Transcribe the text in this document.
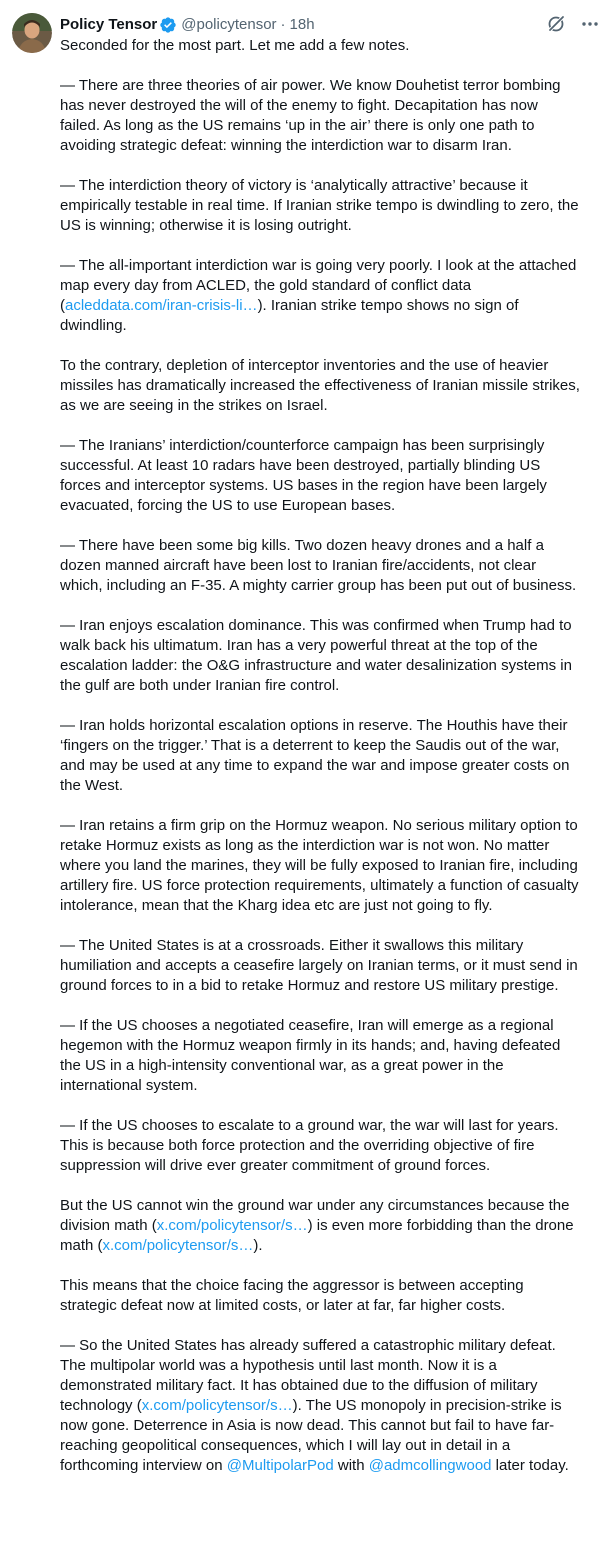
Policy Tensor @policytensor · 18h

Seconded for the most part. Let me add a few notes.

— There are three theories of air power. We know Douhetist terror bombing has never destroyed the will of the enemy to fight. Decapitation has now failed. As long as the US remains ‘up in the air’ there is only one path to avoiding strategic defeat: winning the interdiction war to disarm Iran.

— The interdiction theory of victory is ‘analytically attractive’ because it empirically testable in real time. If Iranian strike tempo is dwindling to zero, the US is winning; otherwise it is losing outright.

— The all-important interdiction war is going very poorly. I look at the attached map every day from ACLED, the gold standard of conflict data (acleddata.com/iran-crisis-li…). Iranian strike tempo shows no sign of dwindling.

To the contrary, depletion of interceptor inventories and the use of heavier missiles has dramatically increased the effectiveness of Iranian missile strikes, as we are seeing in the strikes on Israel.

— The Iranians’ interdiction/counterforce campaign has been surprisingly successful. At least 10 radars have been destroyed, partially blinding US forces and interceptor systems. US bases in the region have been largely evacuated, forcing the US to use European bases.

— There have been some big kills. Two dozen heavy drones and a half a dozen manned aircraft have been lost to Iranian fire/accidents, not clear which, including an F-35. A mighty carrier group has been put out of business.

— Iran enjoys escalation dominance. This was confirmed when Trump had to walk back his ultimatum. Iran has a very powerful threat at the top of the escalation ladder: the O&G infrastructure and water desalinization systems in the gulf are both under Iranian fire control.

— Iran holds horizontal escalation options in reserve. The Houthis have their ‘fingers on the trigger.’ That is a deterrent to keep the Saudis out of the war, and may be used at any time to expand the war and impose greater costs on the West.

— Iran retains a firm grip on the Hormuz weapon. No serious military option to retake Hormuz exists as long as the interdiction war is not won. No matter where you land the marines, they will be fully exposed to Iranian fire, including artillery fire. US force protection requirements, ultimately a function of casualty intolerance, mean that the Kharg idea etc are just not going to fly.

— The United States is at a crossroads. Either it swallows this military humiliation and accepts a ceasefire largely on Iranian terms, or it must send in ground forces to in a bid to retake Hormuz and restore US military prestige.

— If the US chooses a negotiated ceasefire, Iran will emerge as a regional hegemon with the Hormuz weapon firmly in its hands; and, having defeated the US in a high-intensity conventional war, as a great power in the international system.

— If the US chooses to escalate to a ground war, the war will last for years. This is because both force protection and the overriding objective of fire suppression will drive ever greater commitment of ground forces.

But the US cannot win the ground war under any circumstances because the division math (x.com/policytensor/s…) is even more forbidding than the drone math (x.com/policytensor/s…).

This means that the choice facing the aggressor is between accepting strategic defeat now at limited costs, or later at far, far higher costs.

— So the United States has already suffered a catastrophic military defeat. The multipolar world was a hypothesis until last month. Now it is a demonstrated military fact. It has obtained due to the diffusion of military technology (x.com/policytensor/s…). The US monopoly in precision-strike is now gone. Deterrence in Asia is now dead. This cannot but fail to have far-reaching geopolitical consequences, which I will lay out in detail in a forthcoming interview on @MultipolarPod with @admcollingwood later today.
